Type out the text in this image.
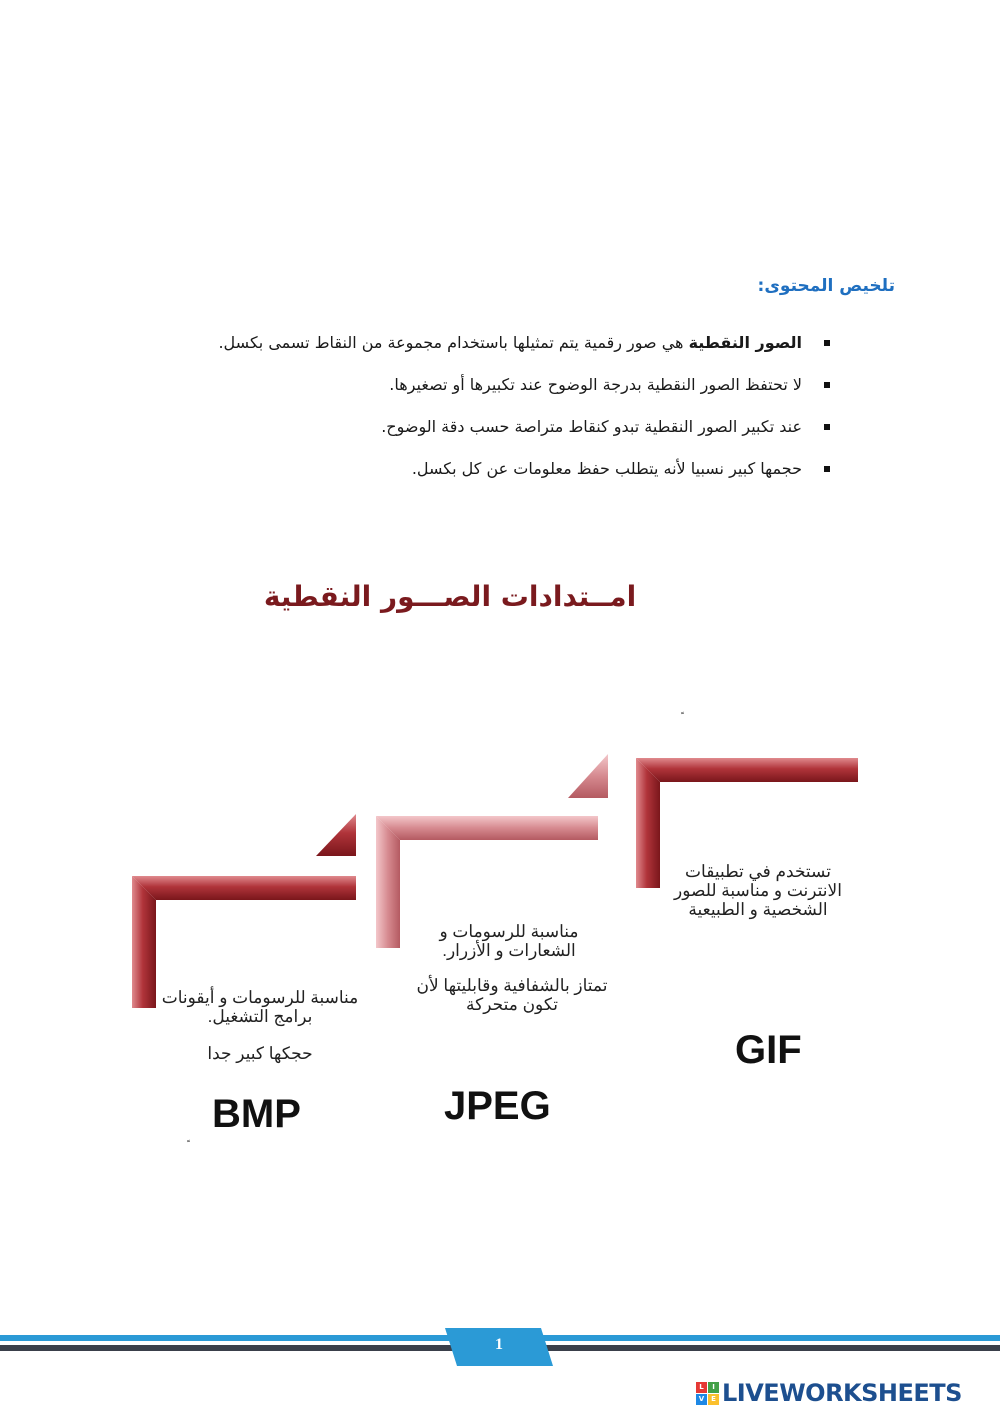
تلخيص المحتوى:
الصور النقطية هي صور رقمية يتم تمثيلها باستخدام مجموعة من النقاط تسمى بكسل.
لا تحتفظ الصور النقطية بدرجة الوضوح عند تكبيرها أو تصغيرها.
عند تكبير الصور النقطية تبدو كنقاط متراصة حسب دقة الوضوح.
حجمها كبير نسبيا لأنه يتطلب حفظ معلومات عن كل بكسل.
امــتدادات الصـــور النقطية
تستخدم في تطبيقات الانترنت و مناسبة للصور الشخصية و الطبيعية
GIF
مناسبة للرسومات و الشعارات و الأزرار.
تمتاز بالشفافية وقابليتها لأن تكون متحركة
JPEG
مناسبة للرسومات و أيقونات برامج التشغيل.
حجكها كبير جدا
BMP
1
L	I
V E LIVEWORKSHEETS
